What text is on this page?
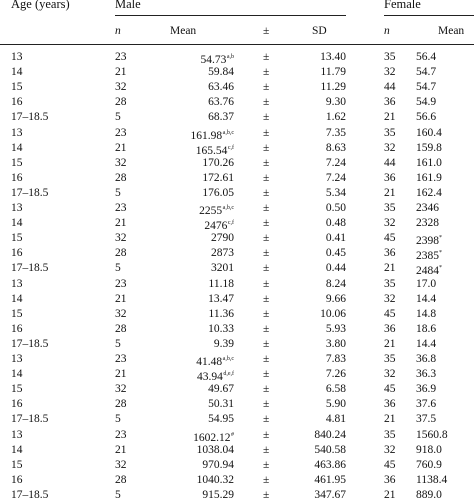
Age (years)	Male	Female
n	Mean	±	SD	n	Mean
13	23	$54.73^{a,b}$	±	13.40	35 56.4
14	21	59.84	±	11.79	32 54.7
15	32	63.46	±	11.29	44 54.7
16	28	63.76	±	9.30	36 54.9
17–18.5	5	68.37	±	1.62	21 56.6
13	23	$161.98^{a,b,c}$	±	7.35	35 160.4
14	21	$165.54^{c,f}$	±	8.63	32 159.8
15	32	170.26	±	7.24	44 161.0
16	28	172.61	±	7.24	36 161.9
17–18.5	5	176.05	±	5.34	21 162.4
13	23	$2255^{a,b,c}$	±	0.50	35 2346
14	21	$2476^{c,f}$	±	0.48	32 2328
15	32	2790	±	0.41	45 2398*
16	28	2873	±	0.45	36 2385*
17–18.5	5	3201	±	0.44	21 2484*
13	23	11.18	±	8.24	35 17.0
14	21	13.47	±	9.66	32 14.4
15	32	11.36	±	10.06	45 14.8
16	28	10.33	±	5.93	36 18.6
17–18.5	5	9.39	±	3.80	21 14.4
13	23	$41.48^{a,b,c}$	±	7.83	35 36.8
14	21	$43.94^{d,e,f}$	±	7.26	32 36.3
15	32	49.67	±	6.58	45 36.9
16	28	50.31	±	5.90	36 37.6
17–18.5	5	54.95	±	4.81	21 37.5
13	23	1602.12#	±	840.24	35 1560.8
14	21	1038.04	±	540.58	32 918.0
15	32	970.94	±	463.86	45 760.9
16	28	1040.32	±	461.95	36 1138.4
17–18.5	5	915.29	±	347.67	21 889.0
